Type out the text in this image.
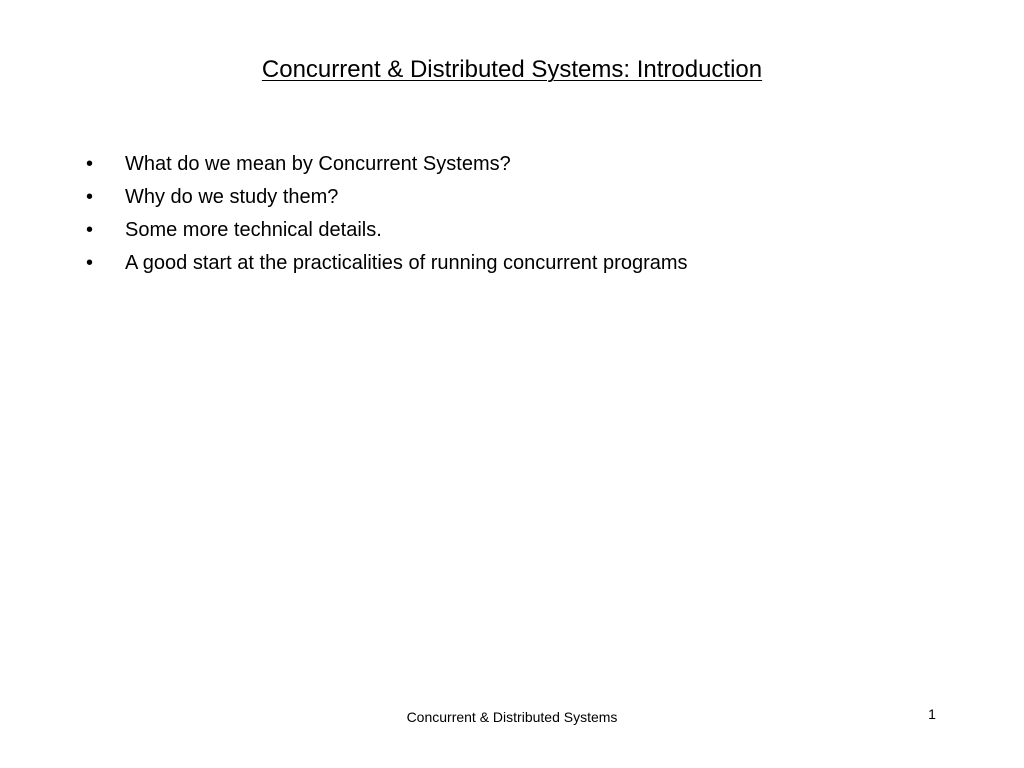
Concurrent & Distributed Systems: Introduction
•	What do we mean by Concurrent Systems?
•	Why do we study them?
•	Some more technical details.
•	A good start at the practicalities of running concurrent programs
Concurrent & Distributed Systems	1
